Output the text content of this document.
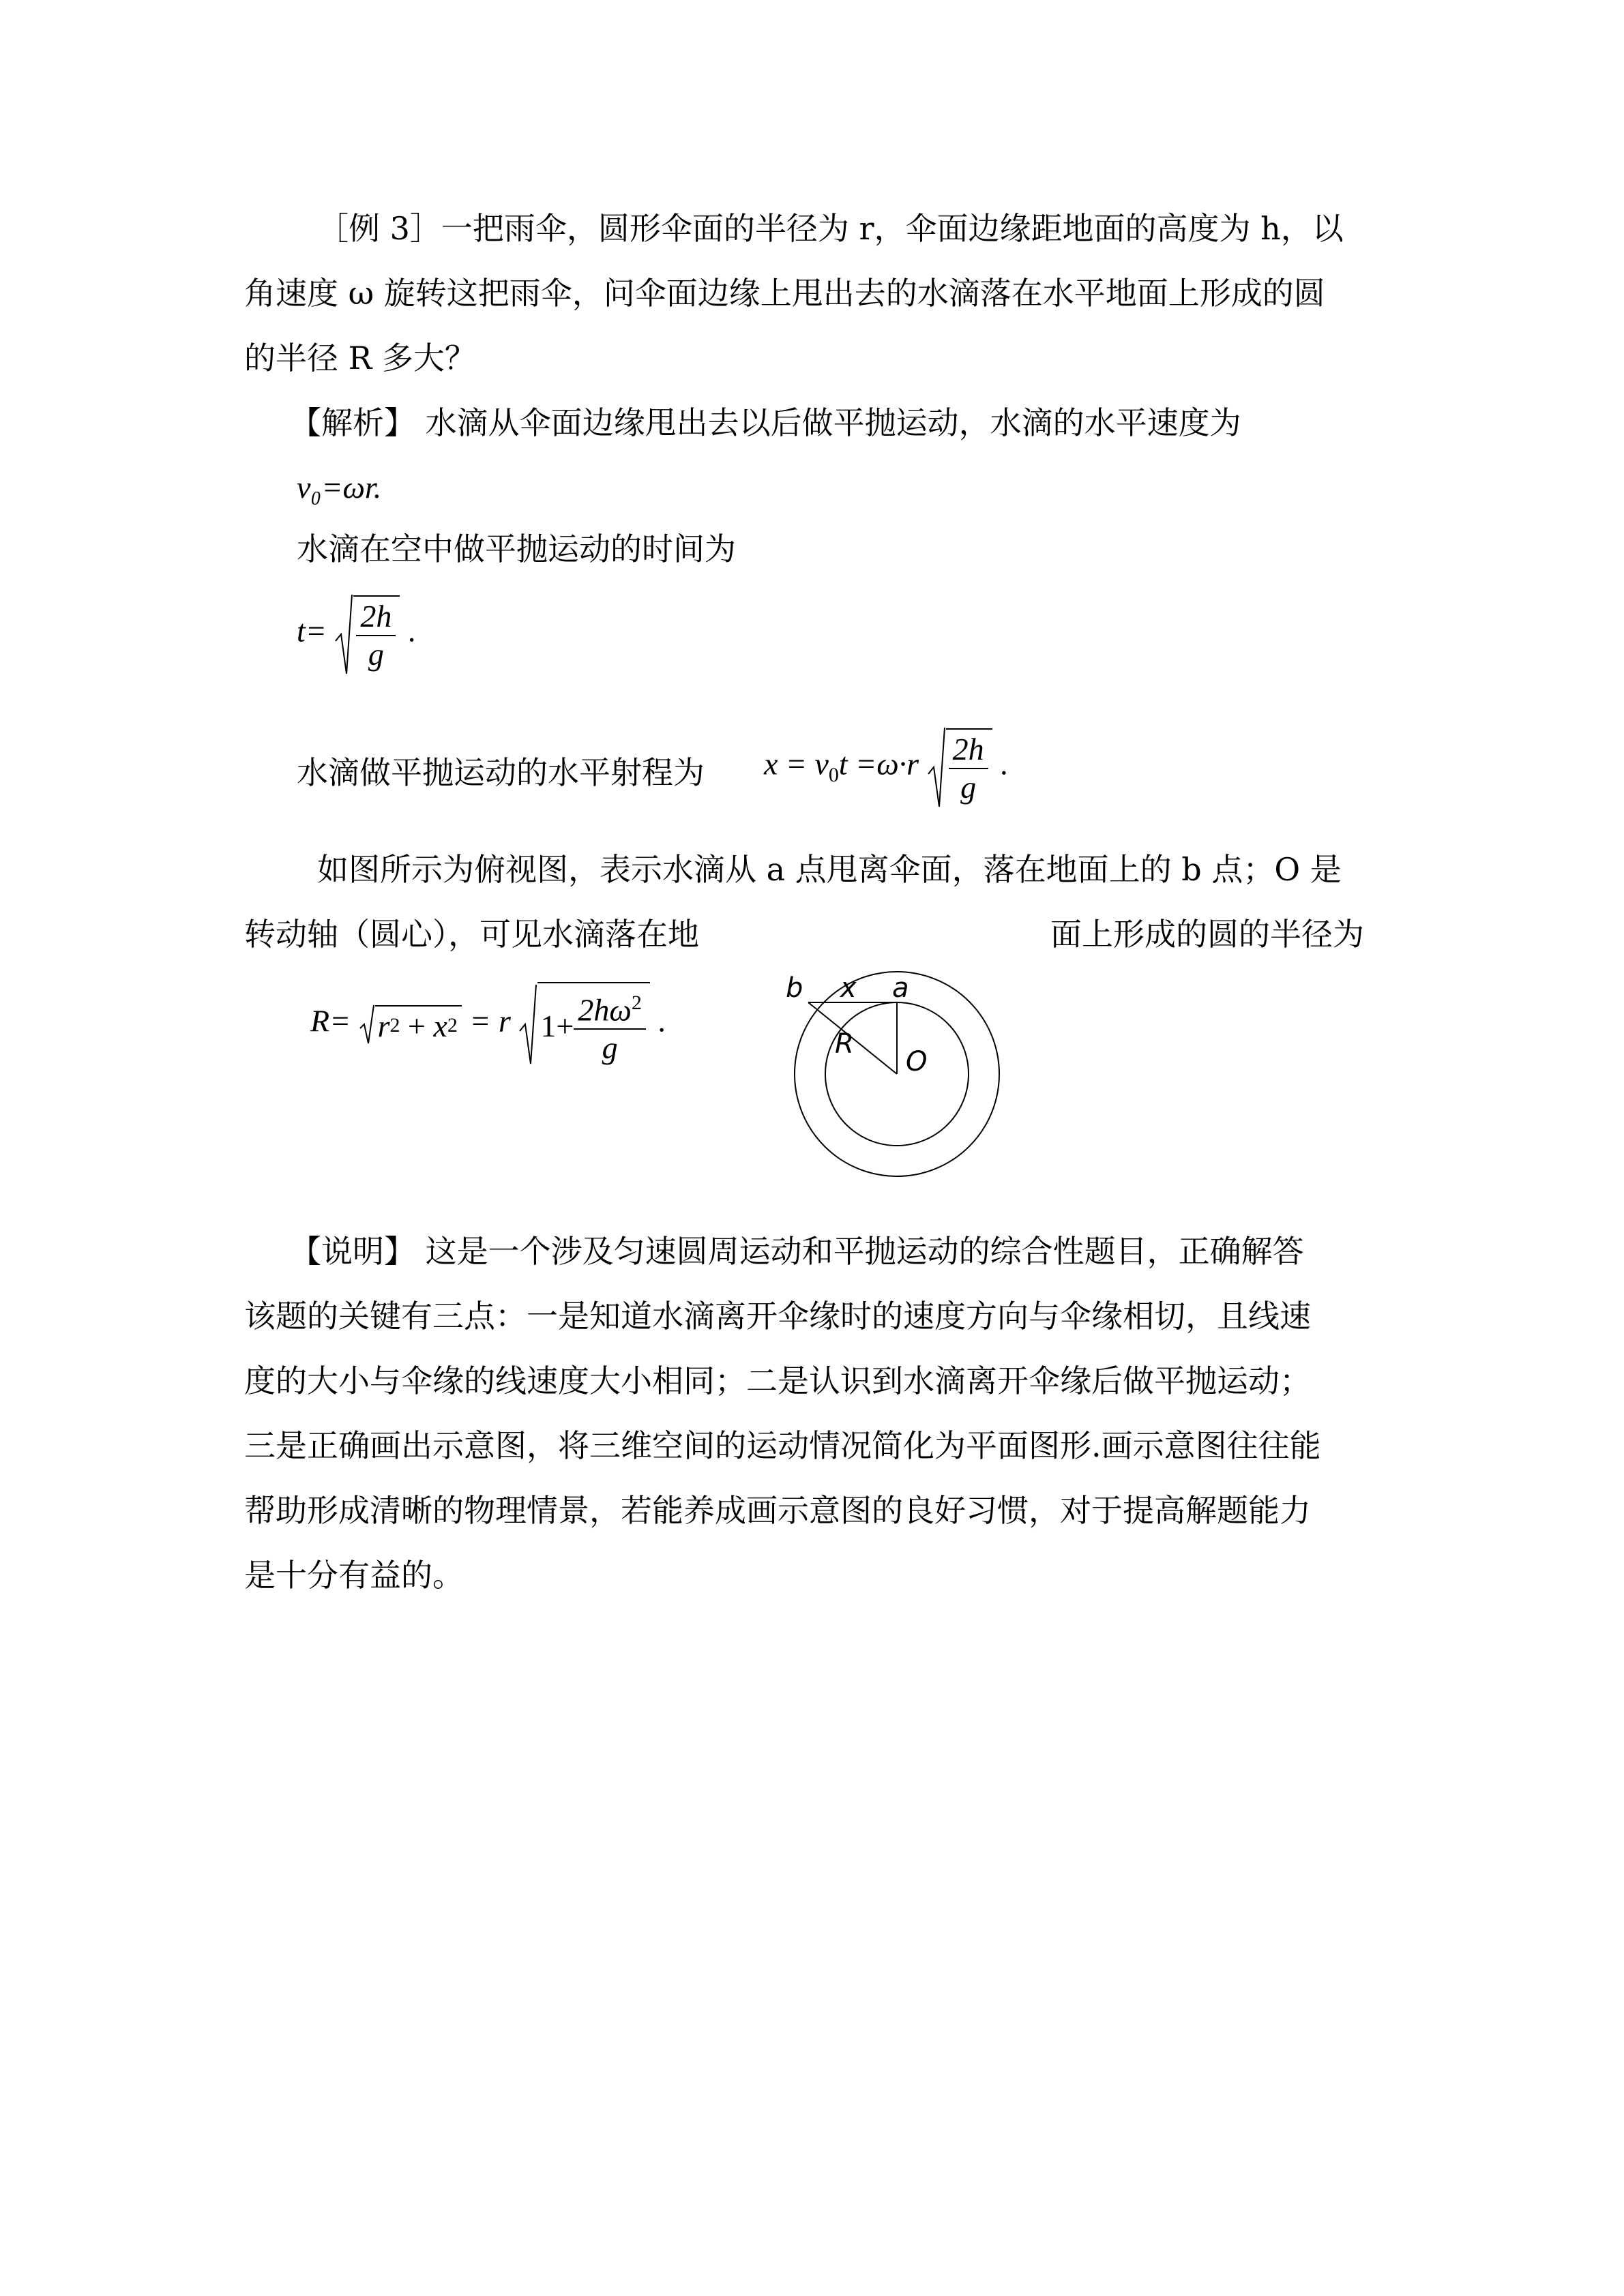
［例 3］一把雨伞，圆形伞面的半径为 r，伞面边缘距地面的高度为 h，以
角速度 ω 旋转这把雨伞，问伞面边缘上甩出去的水滴落在水平地面上形成的圆
的半径 R 多大？
【解析】 水滴从伞面边缘甩出去以后做平抛运动，水滴的水平速度为
v₀=ωr.
水滴在空中做平抛运动的时间为
$t= \frac{2h}{g}$ .
水滴做平抛运动的水平射程为 $x = v_0t =\omega\cdot r \frac{2h}{g}$ .
如图所示为俯视图，表示水滴从 a 点甩离伞面，落在地面上的 b 点；O 是
转动轴（圆心），可见水滴落在地	面上形成的圆的半径为
R= r 2
+
x 2 = r $1+ \frac{2h\omega^2}{g}$ .
b x a
R
O
【说明】 这是一个涉及匀速圆周运动和平抛运动的综合性题目，正确解答
该题的关键有三点：一是知道水滴离开伞缘时的速度方向与伞缘相切，且线速
度的大小与伞缘的线速度大小相同；二是认识到水滴离开伞缘后做平抛运动；
三是正确画出示意图，将三维空间的运动情况简化为平面图形.画示意图往往能
帮助形成清晰的物理情景，若能养成画示意图的良好习惯，对于提高解题能力
是十分有益的。
